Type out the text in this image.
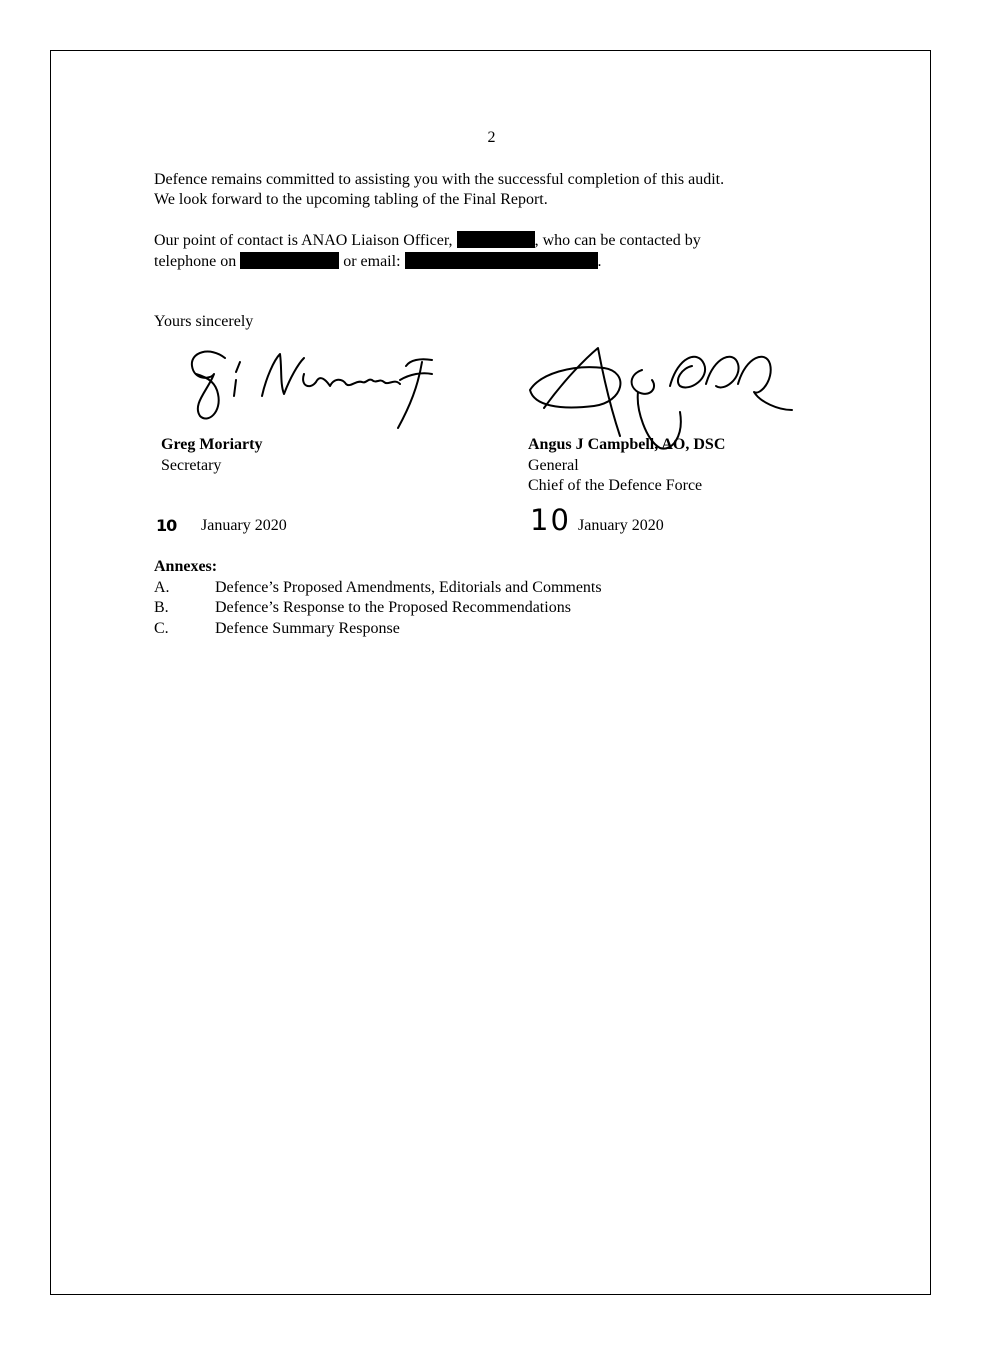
2
Defence remains committed to assisting you with the successful completion of this audit.
We look forward to the upcoming tabling of the Final Report.
Our point of contact is ANAO Liaison Officer,	, who can be contacted by
telephone on	or email:	.
Yours sincerely
Greg Moriarty
Secretary
Angus J Campbell, AO, DSC
General
Chief of the Defence Force
10 January 2020	10 January 2020
Annexes:
A.	Defence’s Proposed Amendments, Editorials and Comments
B.	Defence’s Response to the Proposed Recommendations
C.	Defence Summary Response
